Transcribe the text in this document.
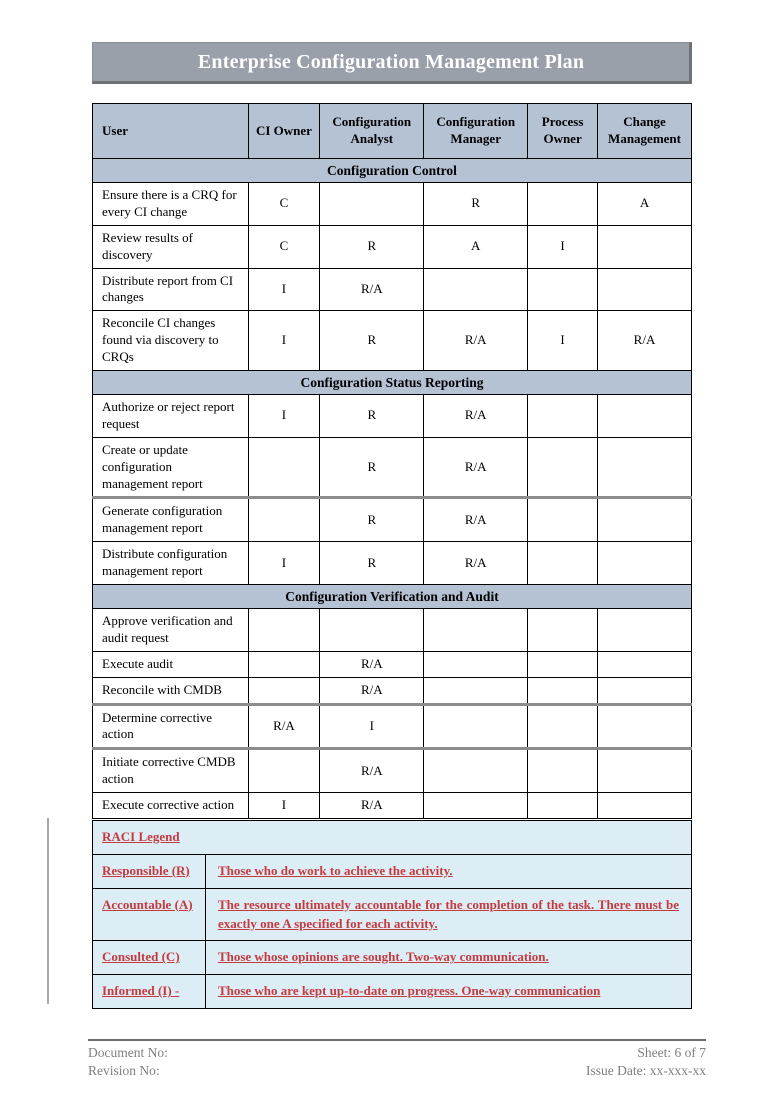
Enterprise Configuration Management Plan
User	CI Owner	Configuration Analyst	Configuration Manager	Process Owner	Change Management
Configuration Control					
Ensure there is a CRQ for every CI change	C		R		A
Review results of discovery	C	R	A	I	
Distribute report from CI changes	I	R/A			
Reconcile CI changes found via discovery to CRQs	I	R	R/A	I	R/A
Configuration Status Reporting					
Authorize or reject report request	I	R	R/A		
Create or update configuration management report		R	R/A		
Generate configuration management report		R	R/A		
Distribute configuration management report	I	R	R/A		
Configuration Verification and Audit					
Approve verification and audit request					
Execute audit		R/A			
Reconcile with CMDB		R/A			
Determine corrective action	R/A	I			
Initiate corrective CMDB action		R/A			
Execute corrective action	I	R/A			
RACI Legend	
Responsible (R)	Those who do work to achieve the activity.
Accountable (A)	The resource ultimately accountable for the completion of the task. There must be exactly one A specified for each activity.
Consulted (C)	Those whose opinions are sought. Two-way communication.
Informed (I) -	Those who are kept up-to-date on progress. One-way communication
Document No:
Revision No:
Sheet: 6 of 7
Issue Date: xx-xxx-xx
